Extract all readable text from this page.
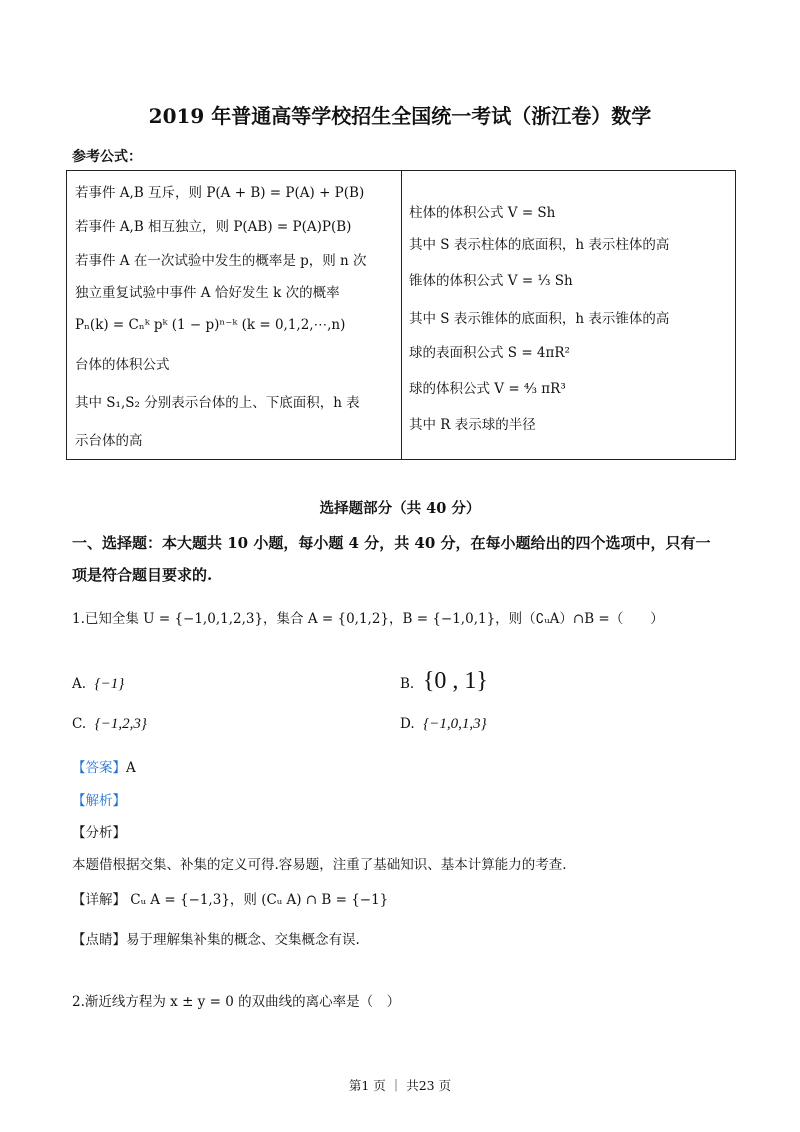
2019 年普通高等学校招生全国统一考试（浙江卷）数学
参考公式：
若事件 A,B 互斥，则 P(A + B) = P(A) + P(B)
若事件 A,B 相互独立，则 P(AB) = P(A)P(B)
若事件 A 在一次试验中发生的概率是 p，则 n 次
独立重复试验中事件 A 恰好发生 k 次的概率
Pₙ(k) = Cₙᵏ pᵏ (1 − p)ⁿ⁻ᵏ (k = 0,1,2,⋯,n)
台体的体积公式
其中 S₁,S₂ 分别表示台体的上、下底面积，h 表
示台体的高
柱体的体积公式 V = Sh
其中 S 表示柱体的底面积，h 表示柱体的高
锥体的体积公式 V = ⅓ Sh
其中 S 表示锥体的底面积，h 表示锥体的高
球的表面积公式 S = 4πR²
球的体积公式 V = ⁴⁄₃ πR³
其中 R 表示球的半径
选择题部分（共 40 分）
一、选择题：本大题共 10 小题，每小题 4 分，共 40 分，在每小题给出的四个选项中，只有一
项是符合题目要求的.
1.已知全集 U = {−1,0,1,2,3}，集合 A = {0,1,2}，B = {−1,0,1}，则（∁ᵤA）∩B =（　　）
A. {−1}	B. {0 , 1}
C. {−1,2,3}	D. {−1,0,1,3}
【答案】A
【解析】
【分析】
本题借根据交集、补集的定义可得.容易题，注重了基础知识、基本计算能力的考查.
【详解】 Cᵤ A = {−1,3}，则 (Cᵤ A) ∩ B = {−1}
【点睛】易于理解集补集的概念、交集概念有误.
2.渐近线方程为 x ± y = 0 的双曲线的离心率是（　）
第1 页 ｜ 共23 页
